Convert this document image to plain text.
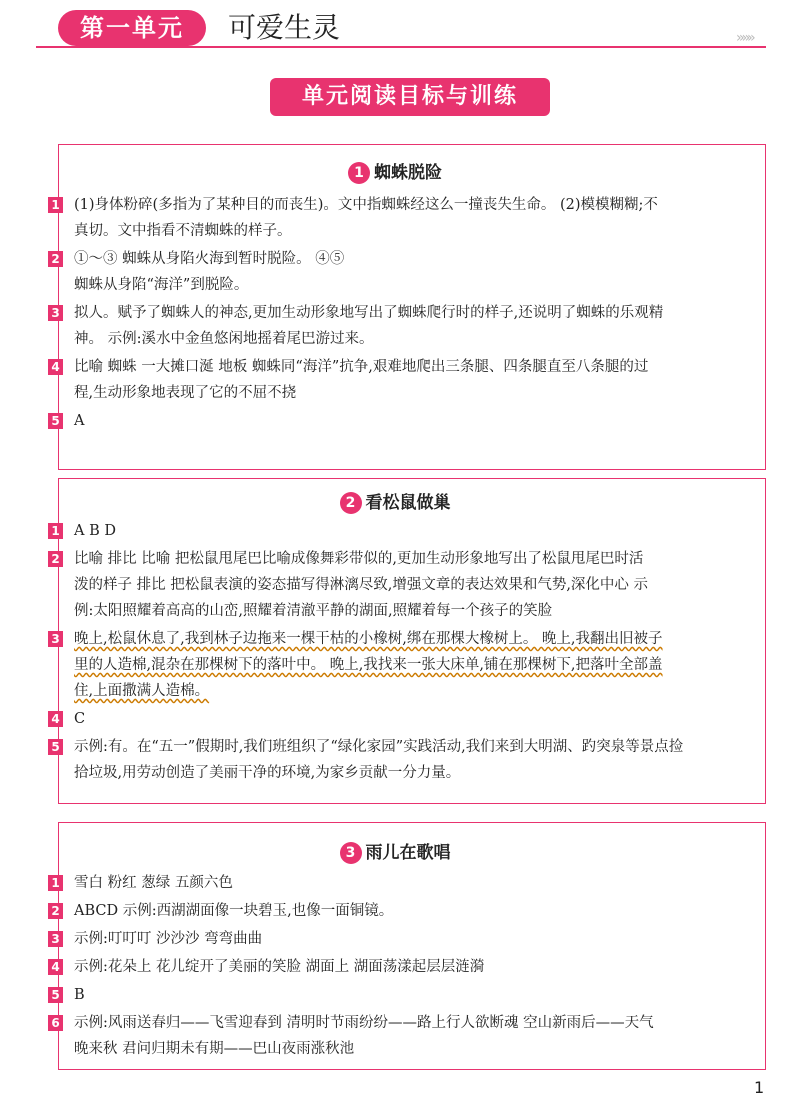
第一单元	可爱生灵	»»»
单元阅读目标与训练
1 蜘蛛脱险
1 (1)身体粉碎(多指为了某种目的而丧生)。文中指蜘蛛经这么一撞丧失生命。 (2)模模糊糊;不
真切。文中指看不清蜘蛛的样子。
2 ①～③ 蜘蛛从身陷火海到暂时脱险。 ④⑤
蜘蛛从身陷“海洋”到脱险。
3 拟人。赋予了蜘蛛人的神态,更加生动形象地写出了蜘蛛爬行时的样子,还说明了蜘蛛的乐观精
神。 示例:溪水中金鱼悠闲地摇着尾巴游过来。
4 比喻 蜘蛛 一大摊口涎 地板 蜘蛛同“海洋”抗争,艰难地爬出三条腿、四条腿直至八条腿的过
程,生动形象地表现了它的不屈不挠
5 A
2 看松鼠做巢
1 A B D
2 比喻 排比 比喻 把松鼠甩尾巴比喻成像舞彩带似的,更加生动形象地写出了松鼠甩尾巴时活
泼的样子 排比 把松鼠表演的姿态描写得淋漓尽致,增强文章的表达效果和气势,深化中心 示
例:太阳照耀着高高的山峦,照耀着清澈平静的湖面,照耀着每一个孩子的笑脸
3 晚上,松鼠休息了,我到林子边拖来一棵干枯的小橡树,绑在那棵大橡树上。 晚上,我翻出旧被子
里的人造棉,混杂在那棵树下的落叶中。 晚上,我找来一张大床单,铺在那棵树下,把落叶全部盖
住,上面撒满人造棉。
4 C
5 示例:有。在“五一”假期时,我们班组织了“绿化家园”实践活动,我们来到大明湖、趵突泉等景点捡
拾垃圾,用劳动创造了美丽干净的环境,为家乡贡献一分力量。
3 雨儿在歌唱
1 雪白 粉红 葱绿 五颜六色
2 ABCD 示例:西湖湖面像一块碧玉,也像一面铜镜。
3 示例:叮叮叮 沙沙沙 弯弯曲曲
4 示例:花朵上 花儿绽开了美丽的笑脸 湖面上 湖面荡漾起层层涟漪
5 B
6 示例:风雨送春归——飞雪迎春到 清明时节雨纷纷——路上行人欲断魂 空山新雨后——天气
晚来秋 君问归期未有期——巴山夜雨涨秋池
1
